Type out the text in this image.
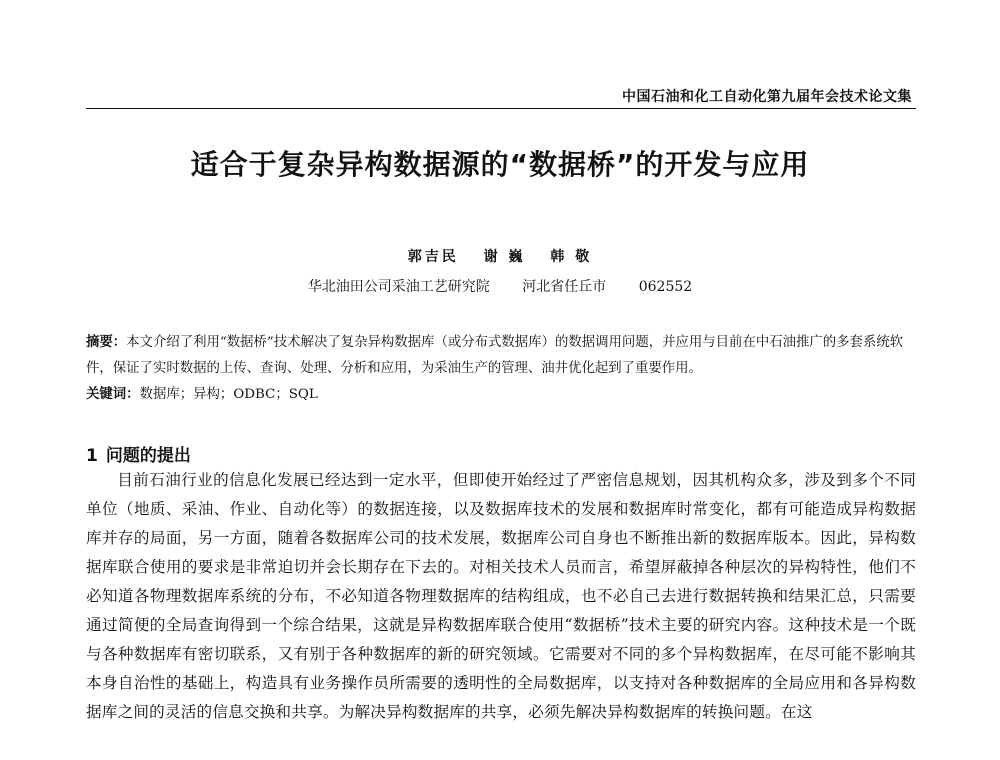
中国石油和化工自动化第九届年会技术论文集
适合于复杂异构数据源的“数据桥”的开发与应用
郭吉民 谢 巍 韩 敬
华北油田公司采油工艺研究院 河北省任丘市 062552
摘要：本文介绍了利用“数据桥”技术解决了复杂异构数据库（或分布式数据库）的数据调用问题，并应用与目前在中石油推广的多套系统软件，保证了实时数据的上传、查询、处理、分析和应用，为采油生产的管理、油井优化起到了重要作用。
关键词：数据库；异构；ODBC；SQL
1 问题的提出
目前石油行业的信息化发展已经达到一定水平，但即使开始经过了严密信息规划，因其机构众多，涉及到多个不同单位（地质、采油、作业、自动化等）的数据连接，以及数据库技术的发展和数据库时常变化，都有可能造成异构数据库并存的局面，另一方面，随着各数据库公司的技术发展，数据库公司自身也不断推出新的数据库版本。因此，异构数据库联合使用的要求是非常迫切并会长期存在下去的。对相关技术人员而言，希望屏蔽掉各种层次的异构特性，他们不必知道各物理数据库系统的分布，不必知道各物理数据库的结构组成，也不必自己去进行数据转换和结果汇总，只需要通过简便的全局查询得到一个综合结果，这就是异构数据库联合使用“数据桥”技术主要的研究内容。这种技术是一个既与各种数据库有密切联系，又有别于各种数据库的新的研究领域。它需要对不同的多个异构数据库，在尽可能不影响其本身自治性的基础上，构造具有业务操作员所需要的透明性的全局数据库，以支持对各种数据库的全局应用和各异构数据库之间的灵活的信息交换和共享。为解决异构数据库的共享，必须先解决异构数据库的转换问题。在这
